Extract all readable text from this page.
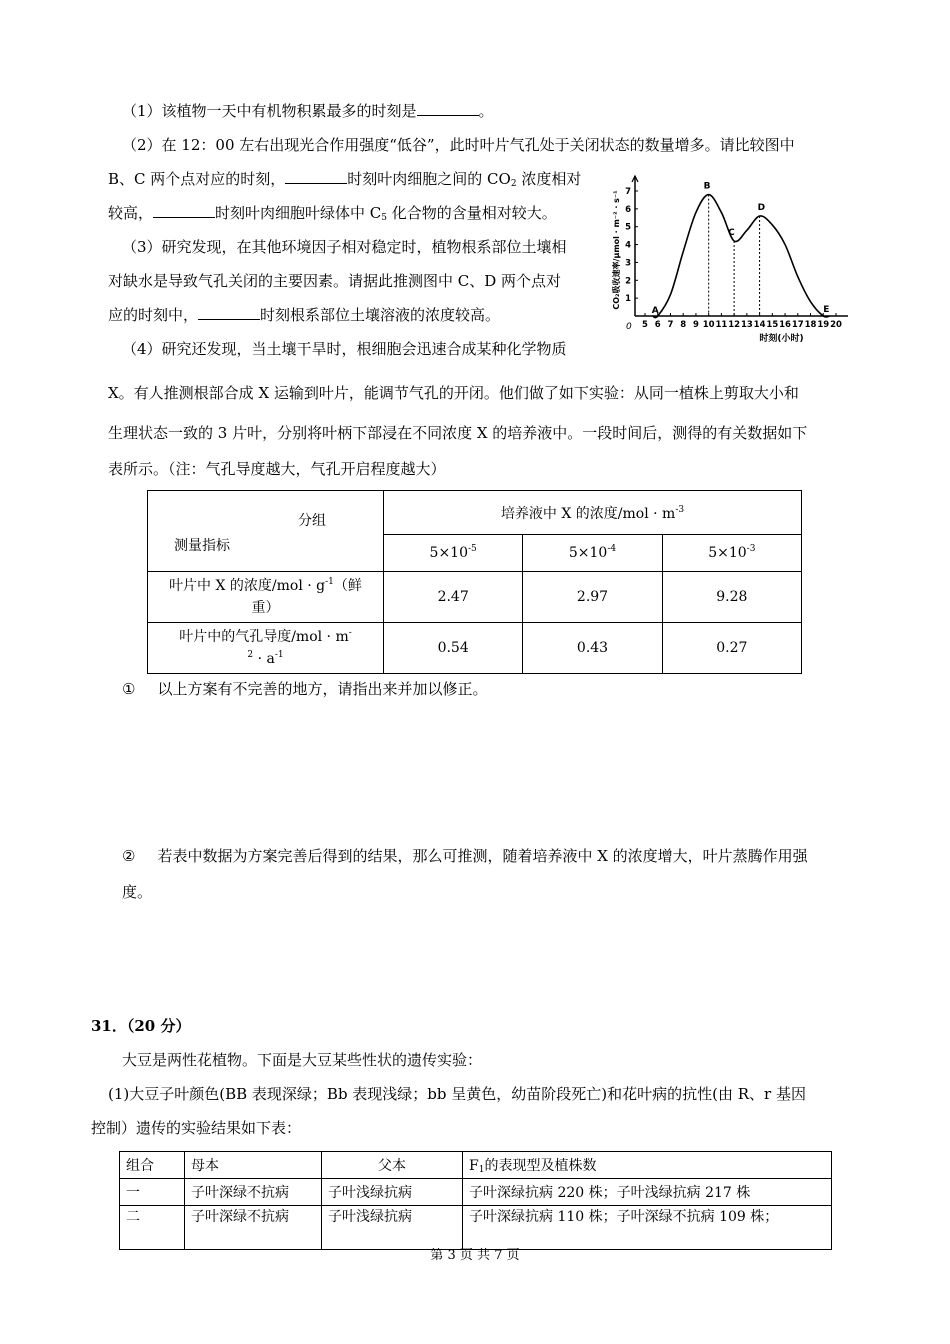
（1）该植物一天中有机物积累最多的时刻是	。
（2）在 12：00 左右出现光合作用强度“低谷”，此时叶片气孔处于关闭状态的数量增多。请比较图中
B、C 两个点对应的时刻，	时刻叶肉细胞之间的 $CO_2$ 浓度相对
较高，	时刻叶肉细胞叶绿体中 $C_5$ 化合物的含量相对较大。
（3）研究发现，在其他环境因子相对稳定时，植物根系部位土壤相
对缺水是导致气孔关闭的主要因素。请据此推测图中 C、D 两个点对
应的时刻中，	时刻根系部位土壤溶液的浓度较高。
（4）研究还发现，当土壤干旱时，根细胞会迅速合成某种化学物质
X。有人推测根部合成 X 运输到叶片，能调节气孔的开闭。他们做了如下实验：从同一植株上剪取大小和
生理状态一致的 3 片叶，分别将叶柄下部浸在不同浓度 X 的培养液中。一段时间后，测得的有关数据如下
表所示。（注：气孔导度越大，气孔开启程度越大）
0 5 6 7 8 9 10 11 12 13 14 15 16 17 18 19 20
1
2
3
4
5
6
7
CO₂吸收速率/μmol · m⁻² · s⁻¹
时刻(小时)
A
B
C
D
E
分组
测量指标	培养液中 X 的浓度$/mol \cdot m^{-3}$
	$5\times 10^{-5}$	$5\times 10^{-4}$	$5\times 10^{-3}$
叶片中 X 的浓度$/mol \cdot g^{-1}$（鲜
重）	2.47	2.97	9.28
叶片中的气孔导度/mol · m-
$^2 \cdot a^{-1}$	0.54	0.43	0.27
① 以上方案有不完善的地方，请指出来并加以修正。
② 若表中数据为方案完善后得到的结果，那么可推测，随着培养液中 X 的浓度增大，叶片蒸腾作用强
度。
31．（20 分）
大豆是两性花植物。下面是大豆某些性状的遗传实验：
(1)大豆子叶颜色(BB 表现深绿；Bb 表现浅绿；bb 呈黄色，幼苗阶段死亡)和花叶病的抗性(由 R、r 基因
控制）遗传的实验结果如下表：
组合	母本	父本	$F_1$的表现型及植株数
一	子叶深绿不抗病	子叶浅绿抗病	子叶深绿抗病 220 株；子叶浅绿抗病 217 株
二	子叶深绿不抗病	子叶浅绿抗病	子叶深绿抗病 110 株；子叶深绿不抗病 109 株；
第 3 页 共 7 页
